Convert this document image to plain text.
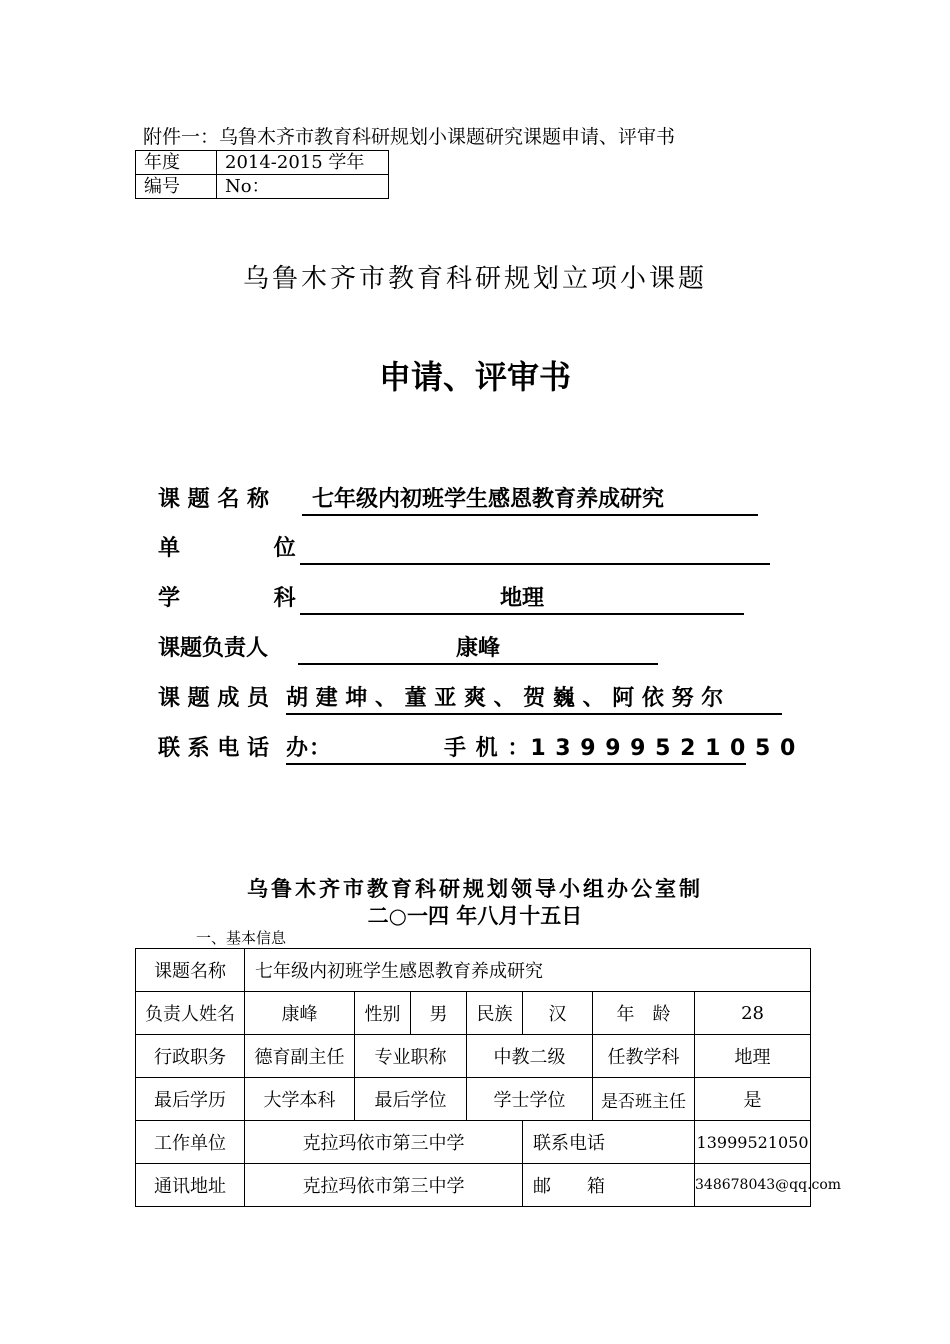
附件一：乌鲁木齐市教育科研规划小课题研究课题申请、评审书
年度	2014-2015 学年
编号	No：
乌鲁木齐市教育科研规划立项小课题
申请、评审书
课 题 名 称 七年级内初班学生感恩教育养成研究
单 位
学 科	地理
课题负责人	康峰
课 题 成 员 胡 建 坤 、 董 亚 爽 、 贺 巍 、 阿 依 努 尔
联 系 电 话 办：	手 机 ：1 3 9 9 9 5 2 1 0 5 0
乌鲁木齐市教育科研规划领导小组办公室制
二○一四 年八月十五日
一、基本信息
课题名称	七年级内初班学生感恩教育养成研究						
负责人姓名	康峰	性别	男	民族	汉	年　龄	28
行政职务	德育副主任	专业职称		中教二级		任教学科	地理
最后学历	大学本科	最后学位		学士学位		是否班主任	是
工作单位	克拉玛依市第三中学				联系电话		13999521050
通讯地址	克拉玛依市第三中学				邮　　箱		348678043@qq.com
